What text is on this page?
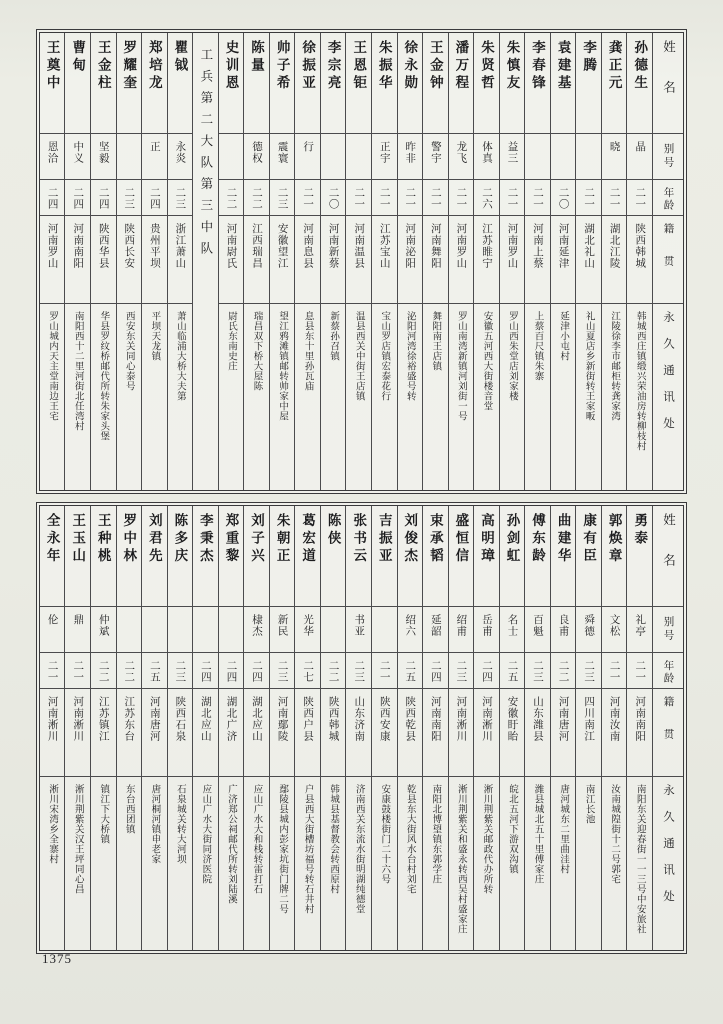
姓名
别号
年龄
籍贯
永久通讯处
孙德生
晶
二一
陕西韩城
韩城西庄镇缎兴荣油房转柳枝村
龚正元
晓
二一
湖北江陵
江陵徐李市邮柜转龚家湾
李腾
二一
湖北礼山
礼山夏店乡新街转王家畈
袁建基
二〇
河南延津
延津小屯村
李春锋
二一
河南上蔡
上蔡百尺镇朱寨
朱慎友
益三
二一
河南罗山
罗山西朱堂店刘家楼
朱贤哲
体真
二六
江苏睢宁
安徽五河西大街楼音堂
潘万程
龙飞
二一
河南罗山
罗山南湾新镇河刘街一号
王金钟
警宇
二一
河南舞阳
舞阳南王店镇
徐永勋
昨非
二一
河南泌阳
泌阳河湾徐裕盛号转
朱振华
正宇
二一
江苏宝山
宝山罗店镇宏泰花行
王恩钜
二一
河南温县
温县西关中街王店镇
李宗亮
二〇
河南新蔡
新蔡孙召镇
徐振亚
行
二一
河南息县
息县东十里孙瓦庙
帅子希
震寰
二三
安徽望江
望江鸦滩镇邮转帅家中屋
陈量
德权
二二
江西瑞昌
瑞昌双下桥大屋陈
史训恩
二二
河南尉氏
尉氏东南史庄
工兵第二大队第三中队
瞿钺
永炎
二三
浙江萧山
萧山临浦大桥大夫第
郑培龙
正
二四
贵州平坝
平坝天龙镇
罗耀奎
二三
陕西长安
西安东关同心泰号
王金柱
坚毅
二四
陕西华县
华县罗纹桥邮代所转朱家头堡
曹甸
中义
二四
河南南阳
南阳西十二里河街北任湾村
王奠中
恩洽
二四
河南罗山
罗山城内天主堂南边王宅
姓名
别号
年龄
籍贯
永久通讯处
勇泰
礼亭
二一
河南南阳
南阳东关迎春街一一三号中安旅社
郭焕章
文松
二一
河南汝南
汝南城隍街十二号郭宅
康有臣
舜德
二三
四川南江
南江长池
曲建华
良甫
二二
河南唐河
唐河城东二里曲洼村
傅东龄
百魁
二三
山东潍县
潍县城北五十里傅家庄
孙剑虹
名士
二五
安徽盱眙
皖北五河下游双沟镇
高明璋
岳甫
二四
河南淅川
淅川荆紫关邮政代办所转
盛恒信
绍甫
二三
河南淅川
淅川荆紫关和盛永转西吴村盛家庄
束承韬
延韶
二四
河南南阳
南阳北博望镇东郭学庄
刘俊杰
绍六
二五
陕西乾县
乾县东大街风水台村刘宅
吉振亚
二一
陕西安康
安康鼓楼街门二十六号
张书云
书亚
二三
山东济南
济南西关东流水街明湖纯德堂
陈侠
二二
陕西韩城
韩城县基督教会转西原村
葛宏道
光华
二七
陕西户县
户县西大街槽坊福号转石井村
朱朝正
新民
二三
河南鄢陵
鄢陵县城内彭家坑街门牌二号
刘子兴
棣杰
二四
湖北应山
应山广水大和栈转雷打石
郑重黎
二四
湖北广济
广济郑公祠邮代所转刘陆溪
李秉杰
二四
湖北应山
应山广水大街同济医院
陈多庆
二三
陕西石泉
石泉城关转大河坝
刘君先
二五
河南唐河
唐河桐河镇申老家
罗中林
二二
江苏东台
东台西团镇
王种桃
仲斌
二二
江苏镇江
镇江下大桥镇
王玉山
鼎
二一
河南淅川
淅川荆紫关汉王坪同心昌
全永年
伦
二一
河南淅川
淅川宋湾乡全寨村
1375
